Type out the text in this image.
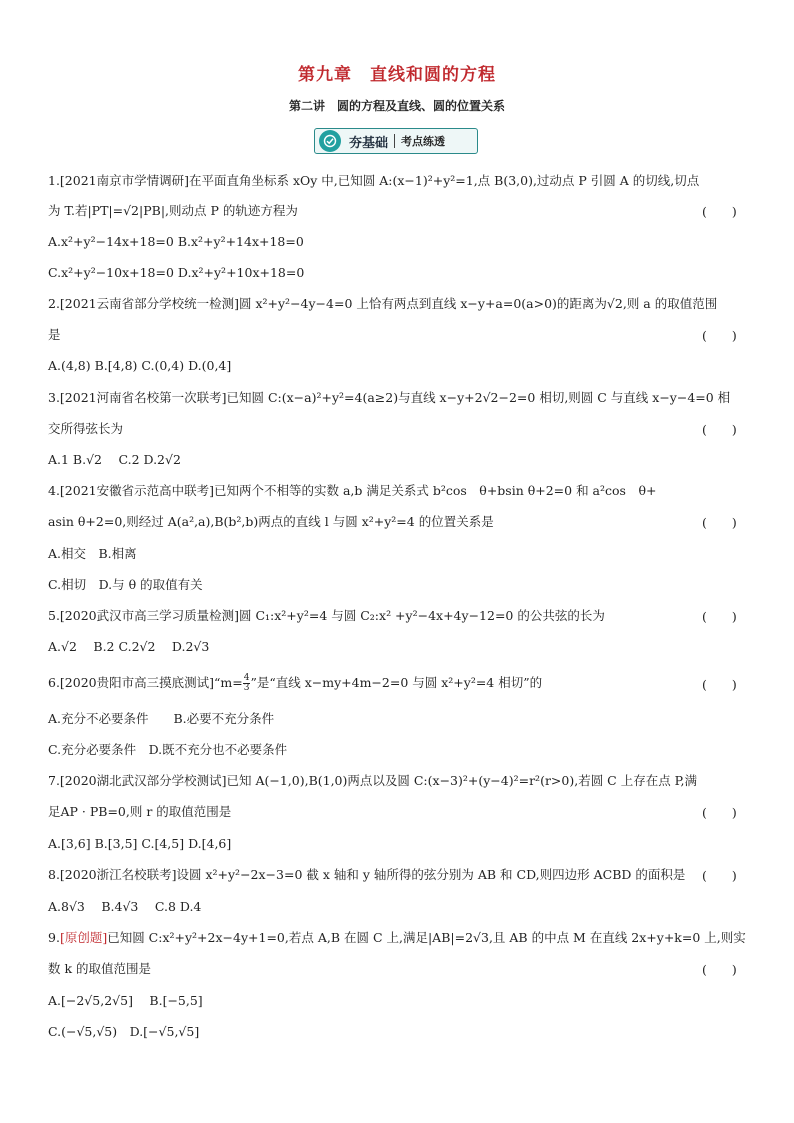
第九章　直线和圆的方程
第二讲　圆的方程及直线、圆的位置关系
夯基础 考点练透
1.[2021南京市学情调研]在平面直角坐标系 xOy 中,已知圆 A:(x−1)²+y²=1,点 B(3,0),过动点 P 引圆 A 的切线,切点
为 T.若|PT|=√2|PB|,则动点 P 的轨迹方程为	(　　)
A.x²+y²−14x+18=0 B.x²+y²+14x+18=0
C.x²+y²−10x+18=0 D.x²+y²+10x+18=0
2.[2021云南省部分学校统一检测]圆 x²+y²−4y−4=0 上恰有两点到直线 x−y+a=0(a>0)的距离为√2,则 a 的取值范围
是	(　　)
A.(4,8) B.[4,8) C.(0,4) D.(0,4]
3.[2021河南省名校第一次联考]已知圆 C:(x−a)²+y²=4(a≥2)与直线 x−y+2√2−2=0 相切,则圆 C 与直线 x−y−4=0 相
交所得弦长为	(　　)
A.1 B.√2　 C.2 D.2√2
4.[2021安徽省示范高中联考]已知两个不相等的实数 a,b 满足关系式 b²cos　θ+bsin θ+2=0 和 a²cos　θ+
asin θ+2=0,则经过 A(a²,a),B(b²,b)两点的直线 l 与圆 x²+y²=4 的位置关系是	(　　)
A.相交　B.相离
C.相切　D.与 θ 的取值有关
5.[2020武汉市高三学习质量检测]圆 C₁:x²+y²=4 与圆 C₂:x² +y²−4x+4y−12=0 的公共弦的长为	(　　)
A.√2　 B.2 C.2√2　 D.2√3
6.[2020贵阳市高三摸底测试]“m= $\frac{4}{3}$ ”是“直线 x−my+4m−2=0 与圆 x²+y²=4 相切”的	(　　)
A.充分不必要条件　　B.必要不充分条件
C.充分必要条件　D.既不充分也不必要条件
7.[2020湖北武汉部分学校测试]已知 A(−1,0),B(1,0)两点以及圆 C:(x−3)²+(y−4)²=r²(r>0),若圆 C 上存在点 P,满
足AP · PB=0,则 r 的取值范围是	(　　)
A.[3,6] B.[3,5] C.[4,5] D.[4,6]
8.[2020浙江名校联考]设圆 x²+y²−2x−3=0 截 x 轴和 y 轴所得的弦分别为 AB 和 CD,则四边形 ACBD 的面积是	(　　)
A.8√3　 B.4√3　 C.8 D.4
9.[原创题]已知圆 C:x²+y²+2x−4y+1=0,若点 A,B 在圆 C 上,满足|AB|=2√3,且 AB 的中点 M 在直线 2x+y+k=0 上,则实
数 k 的取值范围是	(　　)
A.[−2√5,2√5]　 B.[−5,5]
C.(−√5,√5)　D.[−√5,√5]
